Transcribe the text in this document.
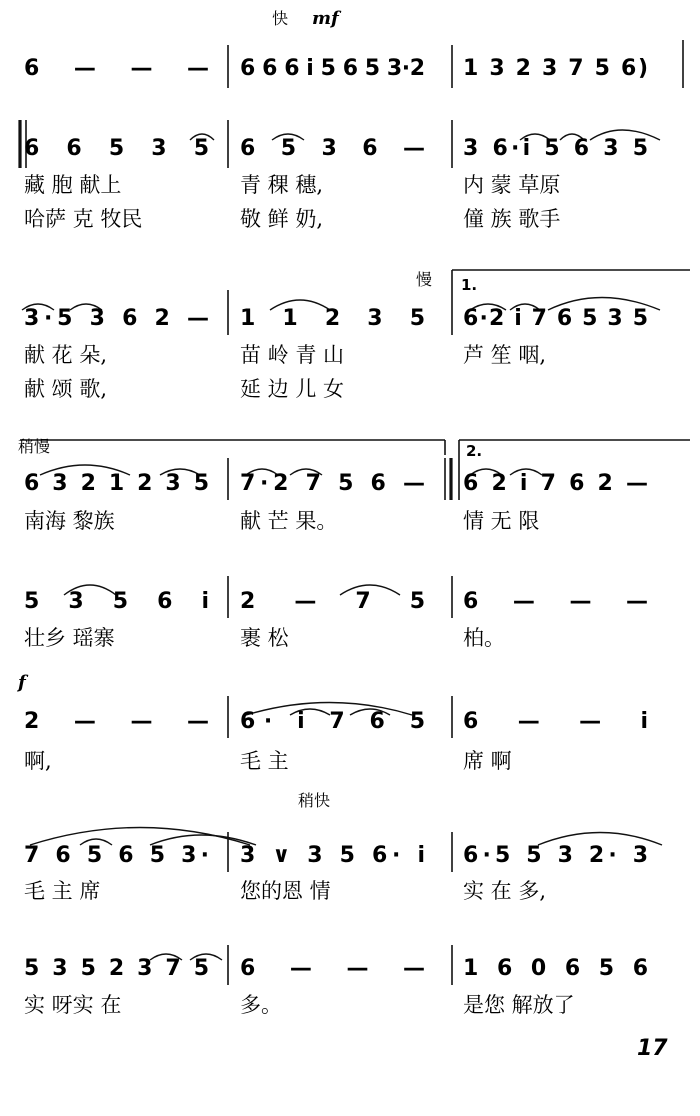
6 — — — 6 6 6 i 5 6 5 3·2 1 3 2 3 7 5 6)
快 mf
6 6 5 3 5
藏 胞 献上
哈萨 克 牧民
6 5 3 6 —
青 稞 穗,
敬 鲜 奶,
3 6·i 5 6 3 5
内 蒙 草原
僮 族 歌手
3·5 3 6 2 —
献 花 朵,
献 颂 歌,
1 1 2 3 5
苗 岭 青 山
延 边 儿 女
6·2 i 7 6 5 3 5
芦 笙 咽,
慢 1.
6 3 2 1 2 3 5
南海 黎族
7·2 7 5 6 —
献 芒 果。
6 2 i 7 6 2 —
情 无 限
稍慢	2.
5 3 5 6 i
壮乡 瑶寨
2 — 7 5
裹 松
6 — — —
柏。
2 — — —
啊,
6· i 7 6 5
毛 主
6 — — i
席 啊
f
7 6 5 6 5 3·
毛 主 席
3 ∨ 3 5 6· i
您的恩 情
6·5 5 3 2· 3
实 在 多,
稍快
5 3 5 2 3 7 5
实 呀实 在
6 — — —
多。
1 6 0 6 5 6
是您 解放了
17
